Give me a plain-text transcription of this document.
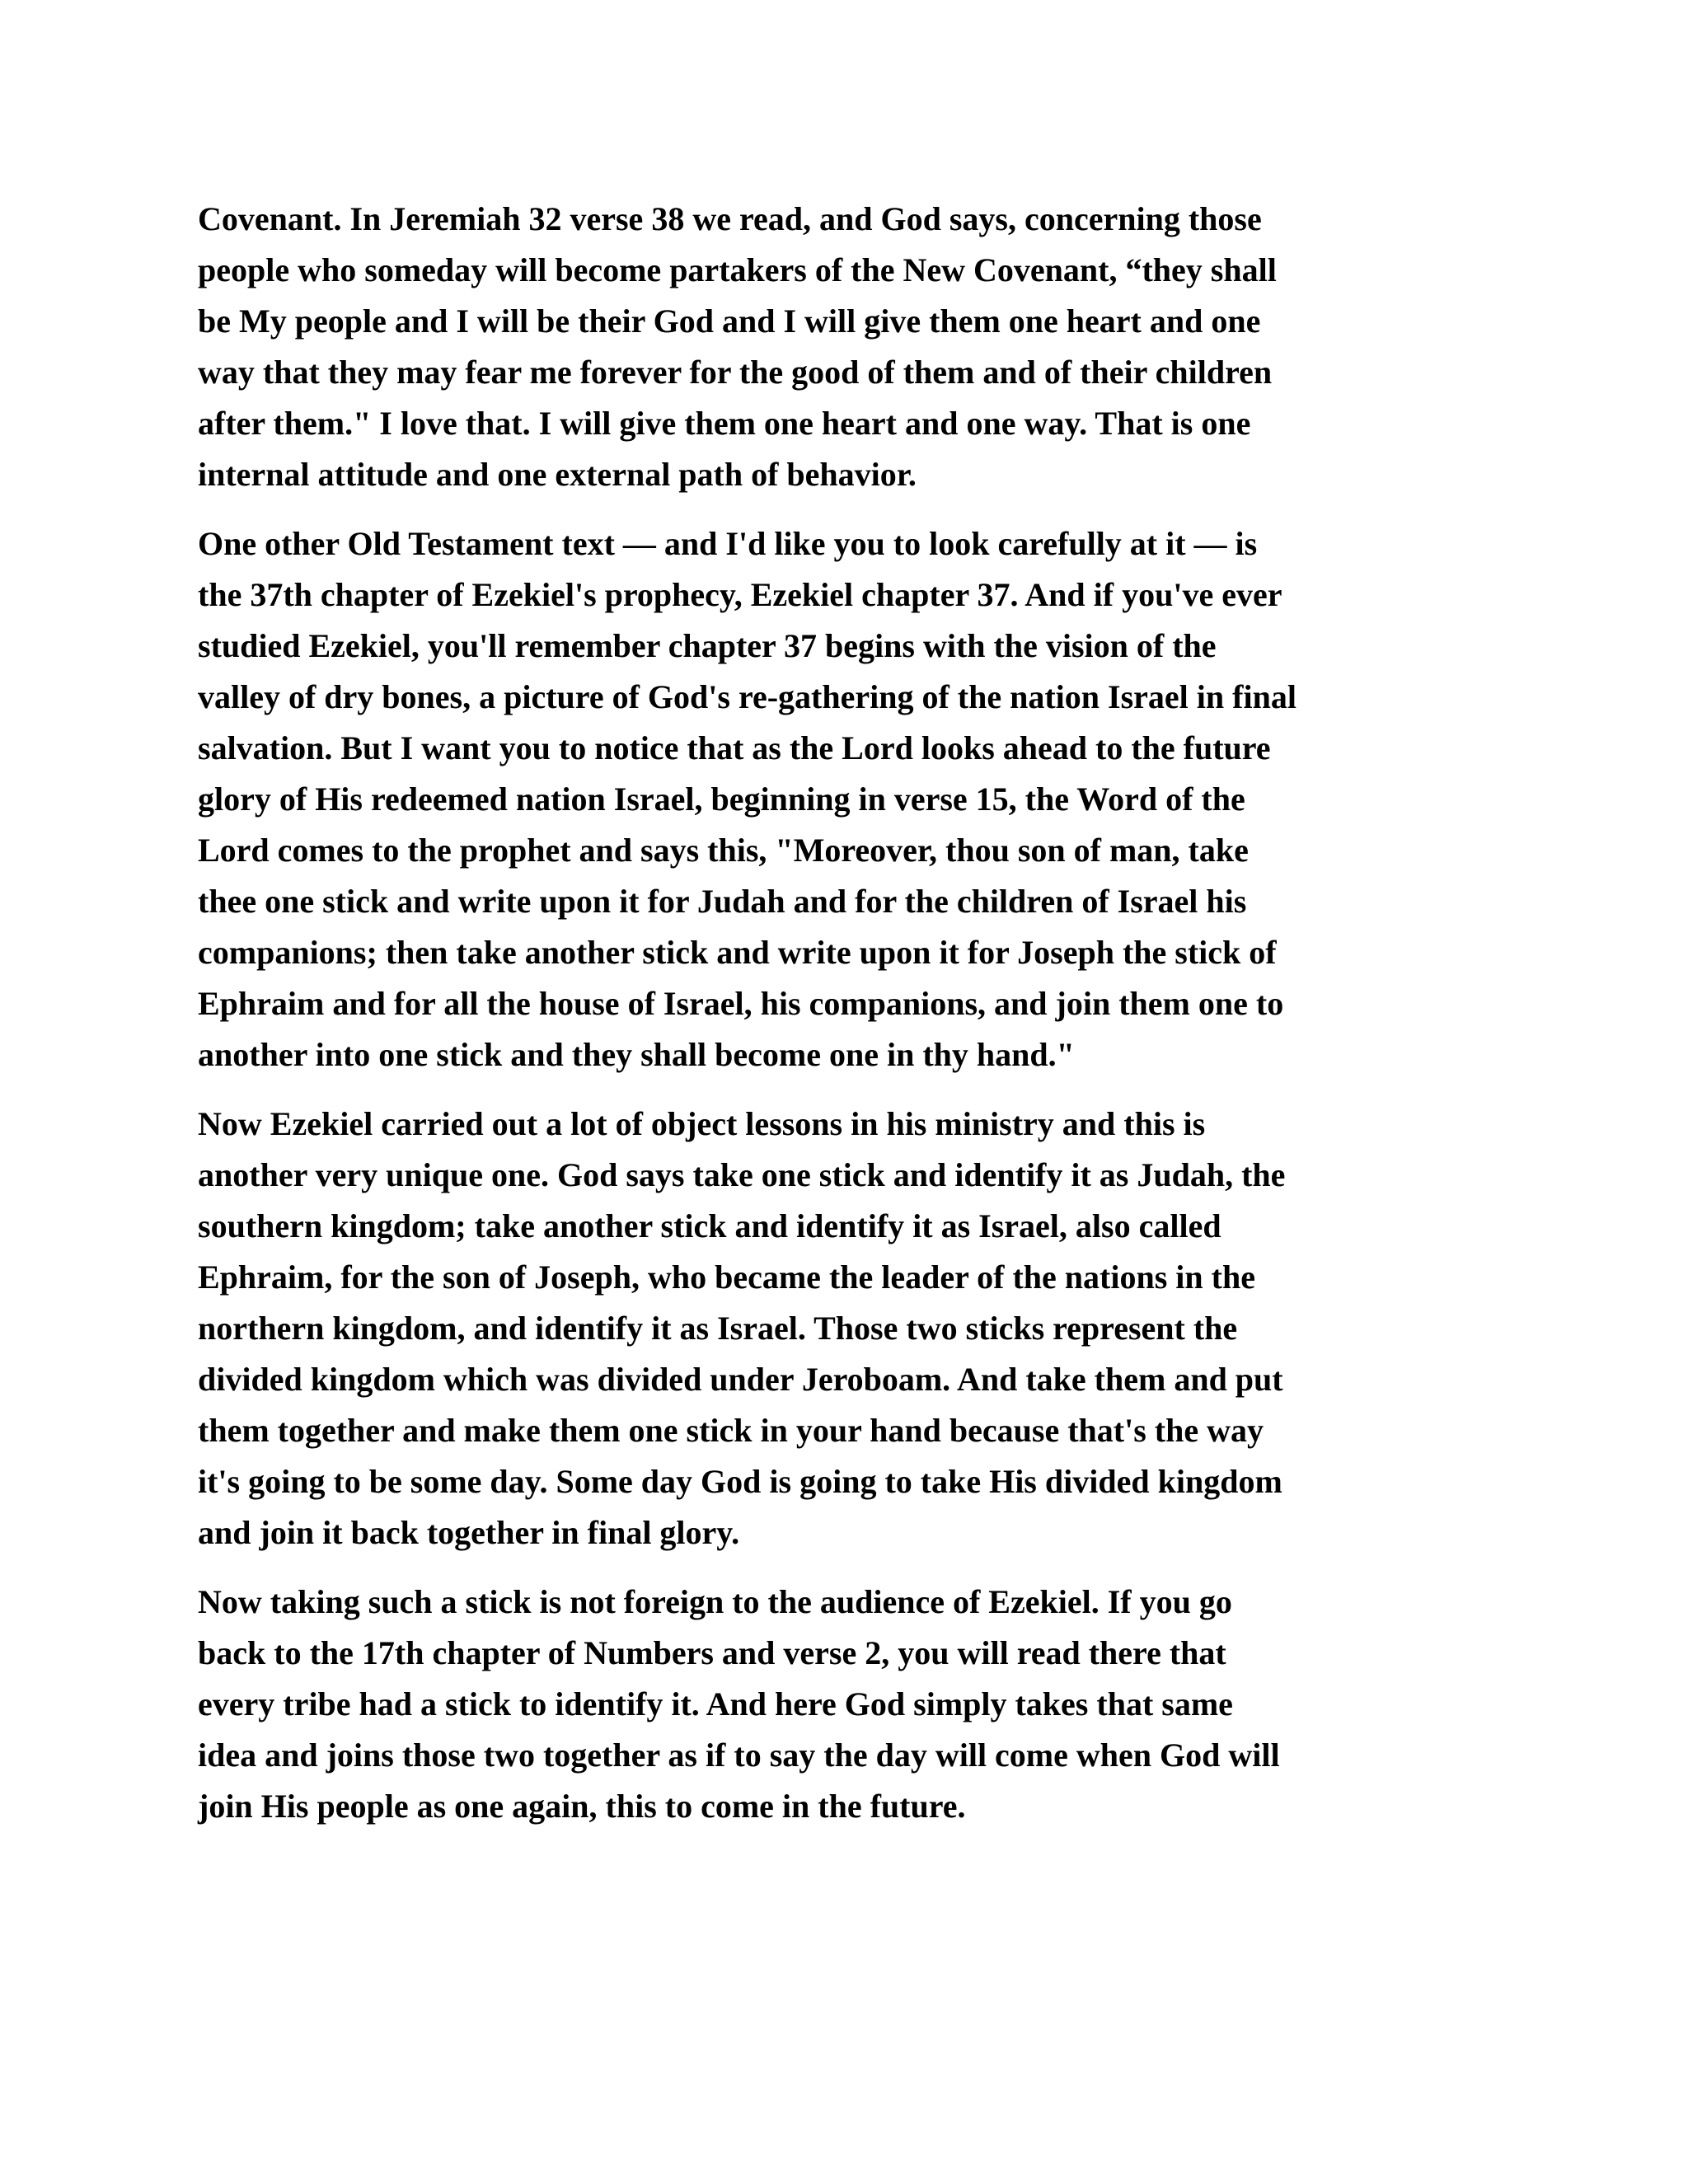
Covenant. In Jeremiah 32 verse 38 we read, and God says, concerning those
people who someday will become partakers of the New Covenant, “they shall
be My people and I will be their God and I will give them one heart and one
way that they may fear me forever for the good of them and of their children
after them." I love that. I will give them one heart and one way. That is one
internal attitude and one external path of behavior.

One other Old Testament text — and I'd like you to look carefully at it — is
the 37th chapter of Ezekiel's prophecy, Ezekiel chapter 37. And if you've ever
studied Ezekiel, you'll remember chapter 37 begins with the vision of the
valley of dry bones, a picture of God's re-gathering of the nation Israel in final
salvation. But I want you to notice that as the Lord looks ahead to the future
glory of His redeemed nation Israel, beginning in verse 15, the Word of the
Lord comes to the prophet and says this, "Moreover, thou son of man, take
thee one stick and write upon it for Judah and for the children of Israel his
companions; then take another stick and write upon it for Joseph the stick of
Ephraim and for all the house of Israel, his companions, and join them one to
another into one stick and they shall become one in thy hand."

Now Ezekiel carried out a lot of object lessons in his ministry and this is
another very unique one. God says take one stick and identify it as Judah, the
southern kingdom; take another stick and identify it as Israel, also called
Ephraim, for the son of Joseph, who became the leader of the nations in the
northern kingdom, and identify it as Israel. Those two sticks represent the
divided kingdom which was divided under Jeroboam. And take them and put
them together and make them one stick in your hand because that's the way
it's going to be some day. Some day God is going to take His divided kingdom
and join it back together in final glory.

Now taking such a stick is not foreign to the audience of Ezekiel. If you go
back to the 17th chapter of Numbers and verse 2, you will read there that
every tribe had a stick to identify it. And here God simply takes that same
idea and joins those two together as if to say the day will come when God will
join His people as one again, this to come in the future.
